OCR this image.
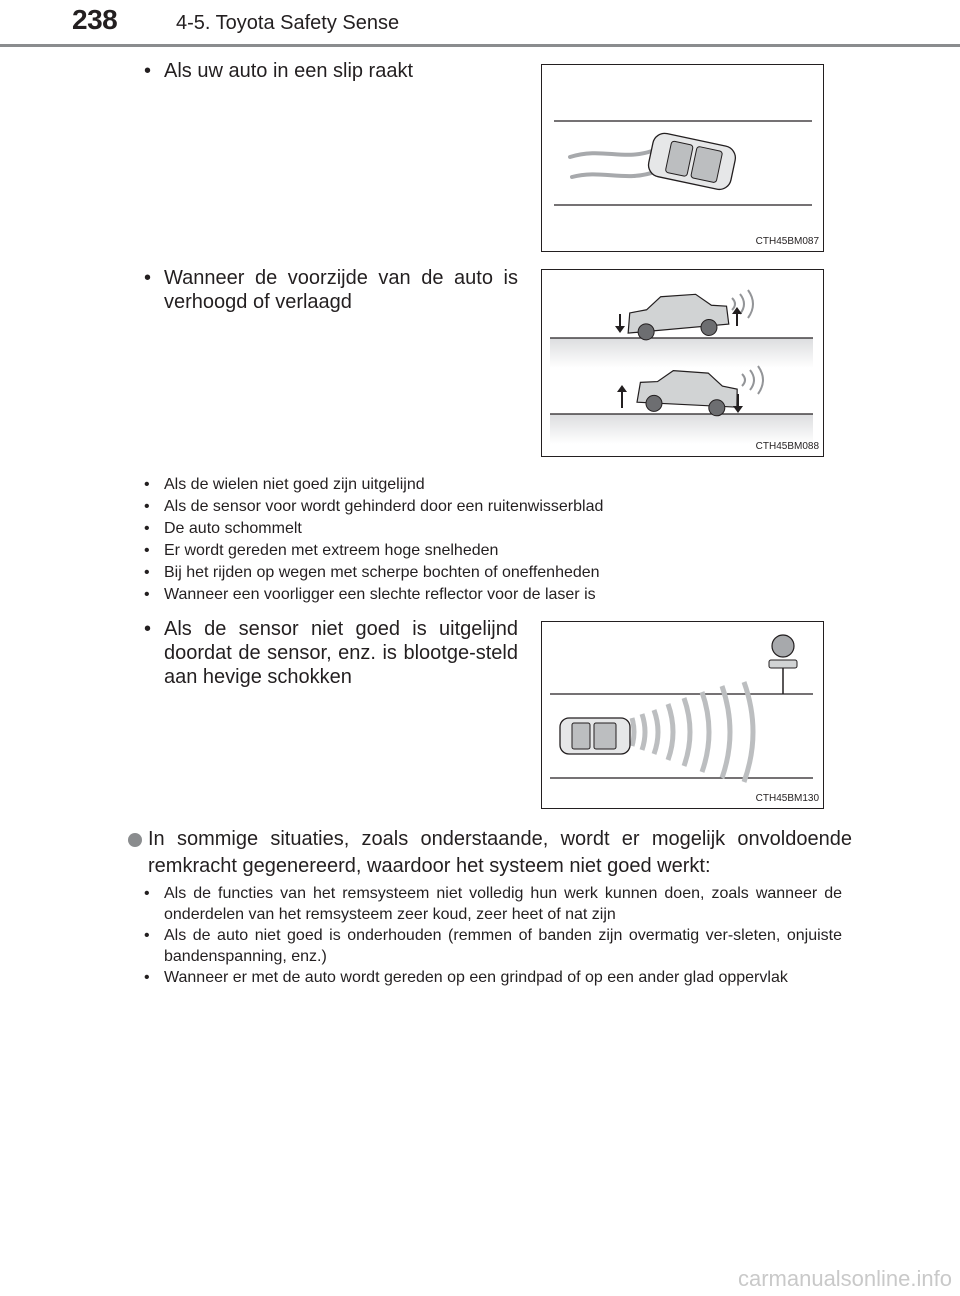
238	4-5. Toyota Safety Sense
• Als uw auto in een slip raakt
CTH45BM087
• Wanneer de voorzijde van de auto is verhoogd of verlaagd
CTH45BM088
• Als de wielen niet goed zijn uitgelijnd
• Als de sensor voor wordt gehinderd door een ruitenwisserblad
• De auto schommelt
• Er wordt gereden met extreem hoge snelheden
• Bij het rijden op wegen met scherpe bochten of oneffenheden
• Wanneer een voorligger een slechte reflector voor de laser is
• Als de sensor niet goed is uitgelijnd doordat de sensor, enz. is blootge-steld aan hevige schokken
CTH45BM130
In sommige situaties, zoals onderstaande, wordt er mogelijk onvoldoende remkracht gegenereerd, waardoor het systeem niet goed werkt:
• Als de functies van het remsysteem niet volledig hun werk kunnen doen, zoals wanneer de onderdelen van het remsysteem zeer koud, zeer heet of nat zijn
• Als de auto niet goed is onderhouden (remmen of banden zijn overmatig ver-sleten, onjuiste bandenspanning, enz.)
• Wanneer er met de auto wordt gereden op een grindpad of op een ander glad oppervlak
carmanualsonline.info
